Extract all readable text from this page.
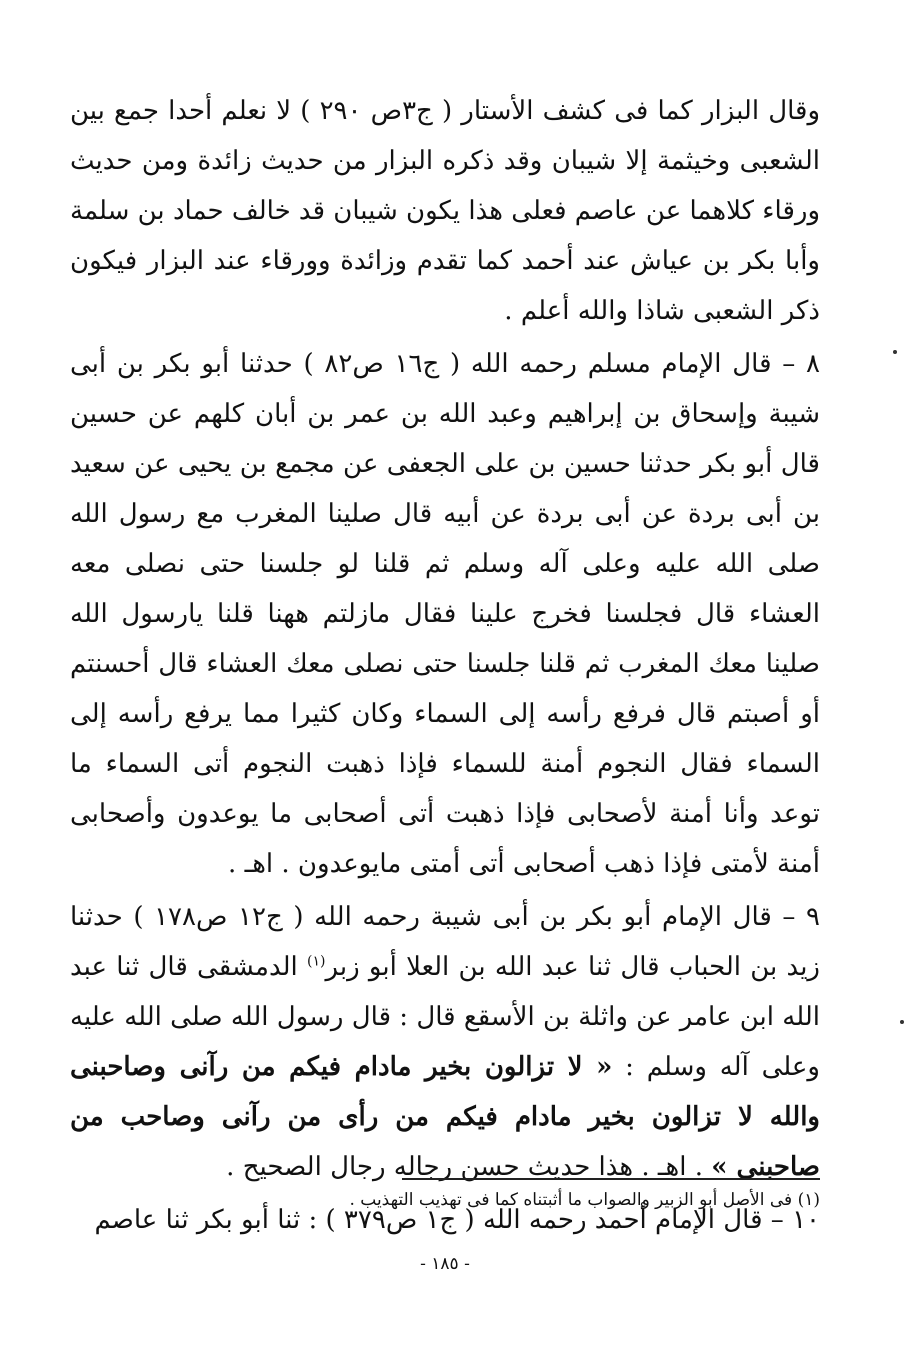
وقال البزار كما فى كشف الأستار ( ج٣ص ٢٩٠ ) لا نعلم أحدا جمع بين الشعبى وخيثمة إلا شيبان وقد ذكره البزار من حديث زائدة ومن حديث ورقاء كلاهما عن عاصم فعلى هذا يكون شيبان قد خالف حماد بن سلمة وأبا بكر بن عياش عند أحمد كما تقدم وزائدة وورقاء عند البزار فيكون ذكر الشعبى شاذا والله أعلم .

٨ – قال الإمام مسلم رحمه الله ( ج١٦ ص٨٢ ) حدثنا أبو بكر بن أبى شيبة وإسحاق بن إبراهيم وعبد الله بن عمر بن أبان كلهم عن حسين قال أبو بكر حدثنا حسين بن على الجعفى عن مجمع بن يحيى عن سعيد بن أبى بردة عن أبى بردة عن أبيه قال صلينا المغرب مع رسول الله صلى الله عليه وعلى آله وسلم ثم قلنا لو جلسنا حتى نصلى معه العشاء قال فجلسنا فخرج علينا فقال مازلتم ههنا قلنا يارسول الله صلينا معك المغرب ثم قلنا جلسنا حتى نصلى معك العشاء قال أحسنتم أو أصبتم قال فرفع رأسه إلى السماء وكان كثيرا مما يرفع رأسه إلى السماء فقال النجوم أمنة للسماء فإذا ذهبت النجوم أتى السماء ما توعد وأنا أمنة لأصحابى فإذا ذهبت أتى أصحابى ما يوعدون وأصحابى أمنة لأمتى فإذا ذهب أصحابى أتى أمتى مايوعدون . اهـ .

٩ – قال الإمام أبو بكر بن أبى شيبة رحمه الله ( ج١٢ ص١٧٨ ) حدثنا زيد بن الحباب قال ثنا عبد الله بن العلا أبو زبر$^{(١)}$ الدمشقى قال ثنا عبد الله ابن عامر عن واثلة بن الأسقع قال : قال رسول الله صلى الله عليه وعلى آله وسلم : « لا تزالون بخير مادام فيكم من رآنى وصاحبنى والله لا تزالون بخير مادام فيكم من رأى من رآنى وصاحب من صاحبنى » . اهـ . هذا حديث حسن رجاله رجال الصحيح .

١٠ – قال الإمام أحمد رحمه الله ( ج١ ص٣٧٩ ) : ثنا أبو بكر ثنا عاصم

(١) فى الأصل أبو الزبير والصواب ما أثبتناه كما فى تهذيب التهذيب .
- ١٨٥ -
